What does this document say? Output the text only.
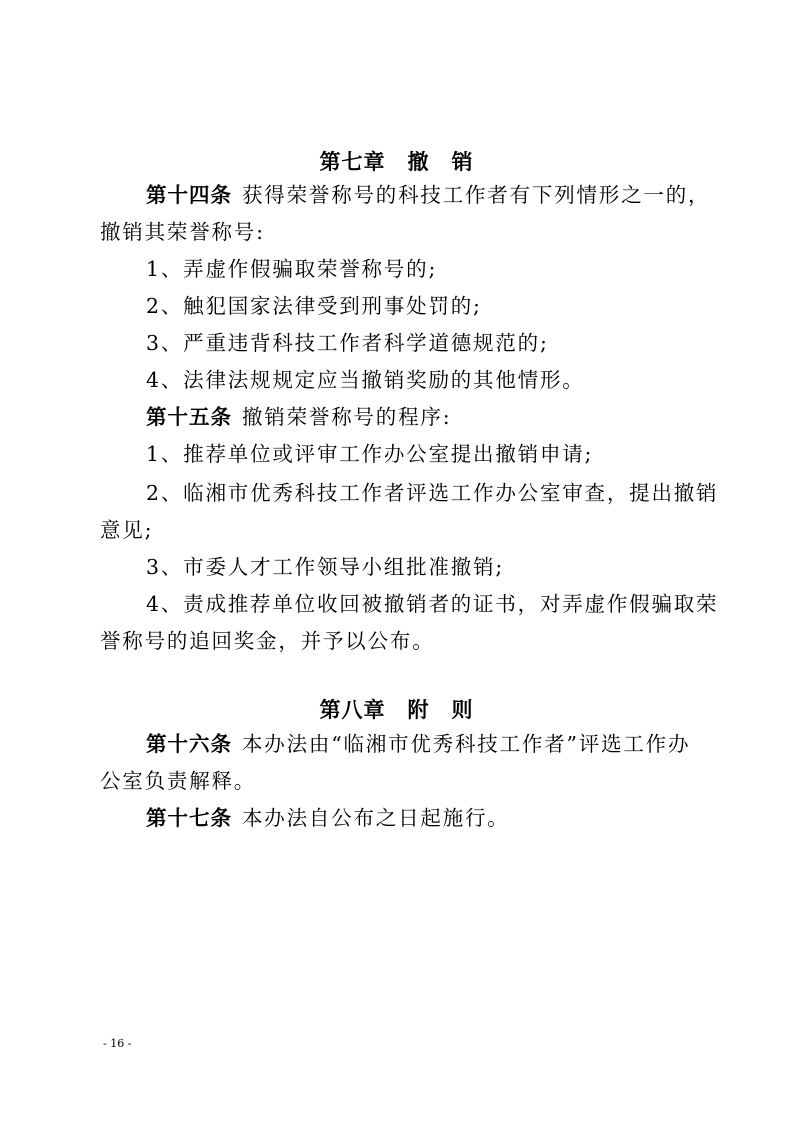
第七章　撤　销
第十四条 获得荣誉称号的科技工作者有下列情形之一的，
撤销其荣誉称号:
1、弄虚作假骗取荣誉称号的;
2、触犯国家法律受到刑事处罚的;
3、严重违背科技工作者科学道德规范的;
4、法律法规规定应当撤销奖励的其他情形。
第十五条 撤销荣誉称号的程序:
1、推荐单位或评审工作办公室提出撤销申请;
2、临湘市优秀科技工作者评选工作办公室审查，提出撤销
意见;
3、市委人才工作领导小组批准撤销;
4、责成推荐单位收回被撤销者的证书，对弄虚作假骗取荣
誉称号的追回奖金，并予以公布。
第八章　附　则
第十六条 本办法由“临湘市优秀科技工作者”评选工作办
公室负责解释。
第十七条 本办法自公布之日起施行。
- 16 -
